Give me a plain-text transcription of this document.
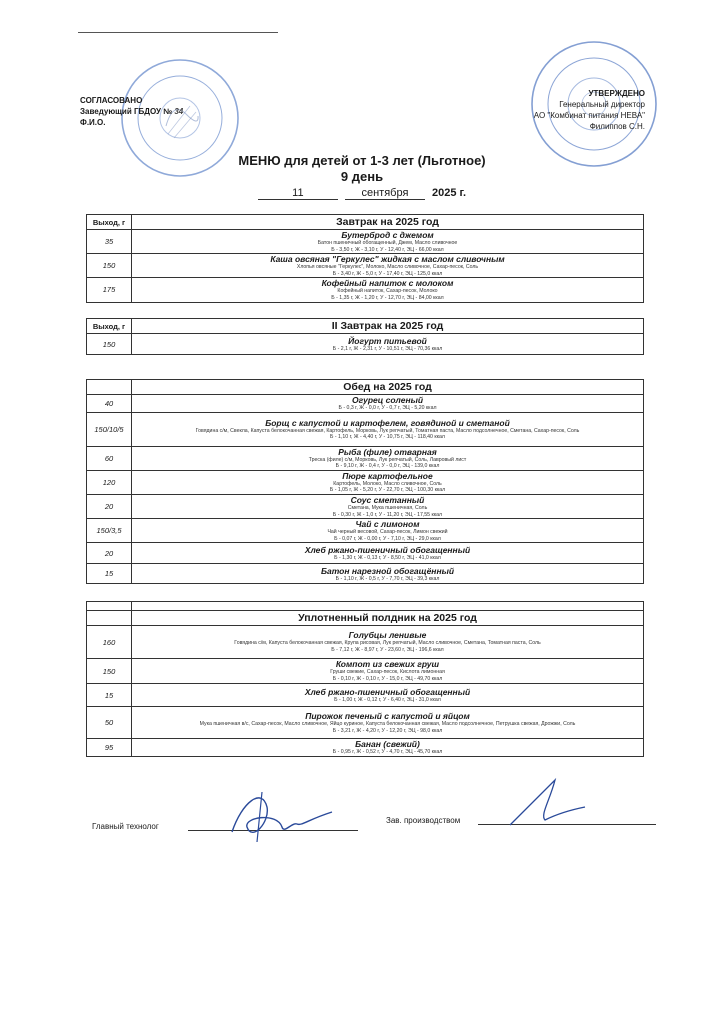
СОГЛАСОВАНО
Заведующий ГБДОУ № 34
Ф.И.О.
УТВЕРЖДЕНО
Генеральный директор
АО "Комбинат питания НЕВА"
Филиппов С.Н.
МЕНЮ для детей от 1-3 лет (Льготное)
9 день
11	сентября 2025 г.
Выход, г	Завтрак на 2025 год
35	Бутерброд с джемом
Батон пшеничный обогащенный, Джем, Масло сливочное
Б - 3,50 г, Ж - 3,10 г, У - 12,40 г, ЭЦ - 66,00 ккал

150	Каша овсяная "Геркулес" жидкая с маслом сливочным
Хлопья овсяные "Геркулес", Молоко, Масло сливочное, Сахар-песок, Соль
Б - 3,40 г, Ж - 5,0 г, У - 17,40 г, ЭЦ - 125,0 ккал

175	Кофейный напиток с молоком
Кофейный напиток, Сахар-песок, Молоко
Б - 1,35 г, Ж - 1,20 г, У - 12,70 г, ЭЦ - 84,00 ккал
Выход, г	II Завтрак на 2025 год
150	Йогурт питьевой
Б - 2,1 г, Ж - 2,31 г, У - 10,51 г, ЭЦ - 70,36 ккал
	Обед на 2025 год
40	Огурец соленый
Б - 0,3 г, Ж - 0,0 г, У - 0,7 г, ЭЦ - 5,20 ккал

150/10/5	Борщ с капустой и картофелем, говядиной и сметаной
Говядина с/м, Свекла, Капуста белокочанная свежая, Картофель, Морковь, Лук репчатый, Томатная паста, Масло подсолнечное, Сметана, Сахар-песок, Соль
Б - 1,10 г, Ж - 4,40 г, У - 10,75 г, ЭЦ - 118,40 ккал

60	Рыба (филе) отварная
Треска (филе) с/м, Морковь, Лук репчатый, Соль, Лавровый лист
Б - 9,10 г, Ж - 0,4 г, У - 0,0 г, ЭЦ - 139,0 ккал

120	Пюре картофельное
Картофель, Молоко, Масло сливочное, Соль
Б - 1,05 г, Ж - 5,20 г, У - 22,70 г, ЭЦ - 100,30 ккал

20	Соус сметанный
Сметана, Мука пшеничная, Соль
Б - 0,30 г, Ж - 1,0 г, У - 11,20 г, ЭЦ - 17,55 ккал

150/3,5	Чай с лимоном
Чай черный весовой, Сахар-песок, Лимон свежий
Б - 0,07 г, Ж - 0,00 г, У - 7,10 г, ЭЦ - 29,0 ккал

20	Хлеб ржано-пшеничный обогащенный
Б - 1,30 г, Ж - 0,13 г, У - 8,50 г, ЭЦ - 41,0 ккал

15	Батон нарезной обогащённый
Б - 1,10 г, Ж - 0,5 г, У - 7,70 г, ЭЦ - 39,3 ккал

	Уплотненный полдник на 2025 год
160	Голубцы ленивые
Говядина с/м, Капуста белокочанная свежая, Крупа рисовая, Лук репчатый, Масло сливочное, Сметана, Томатная паста, Соль
Б - 7,12 г, Ж - 8,97 г, У - 23,60 г, ЭЦ - 196,6 ккал

150	Компот из свежих груш
Груши свежие, Сахар-песок, Кислота лимонная
Б - 0,10 г, Ж - 0,10 г, У - 15,0 г, ЭЦ - 49,70 ккал

15	Хлеб ржано-пшеничный обогащенный
Б - 1,00 г, Ж - 0,12 г, У - 6,40 г, ЭЦ - 31,0 ккал

50	Пирожок печеный с капустой и яйцом
Мука пшеничная в/с, Сахар-песок, Масло сливочное, Яйцо куриное, Капуста белокочанная свежая, Масло подсолнечное, Петрушка свежая, Дрожжи, Соль
Б - 3,21 г, Ж - 4,20 г, У - 12,20 г, ЭЦ - 98,0 ккал

95	Банан (свежий)
Б - 0,95 г, Ж - 0,52 г, У - 4,70 г, ЭЦ - 45,70 ккал
Главный технолог
Зав. производством
